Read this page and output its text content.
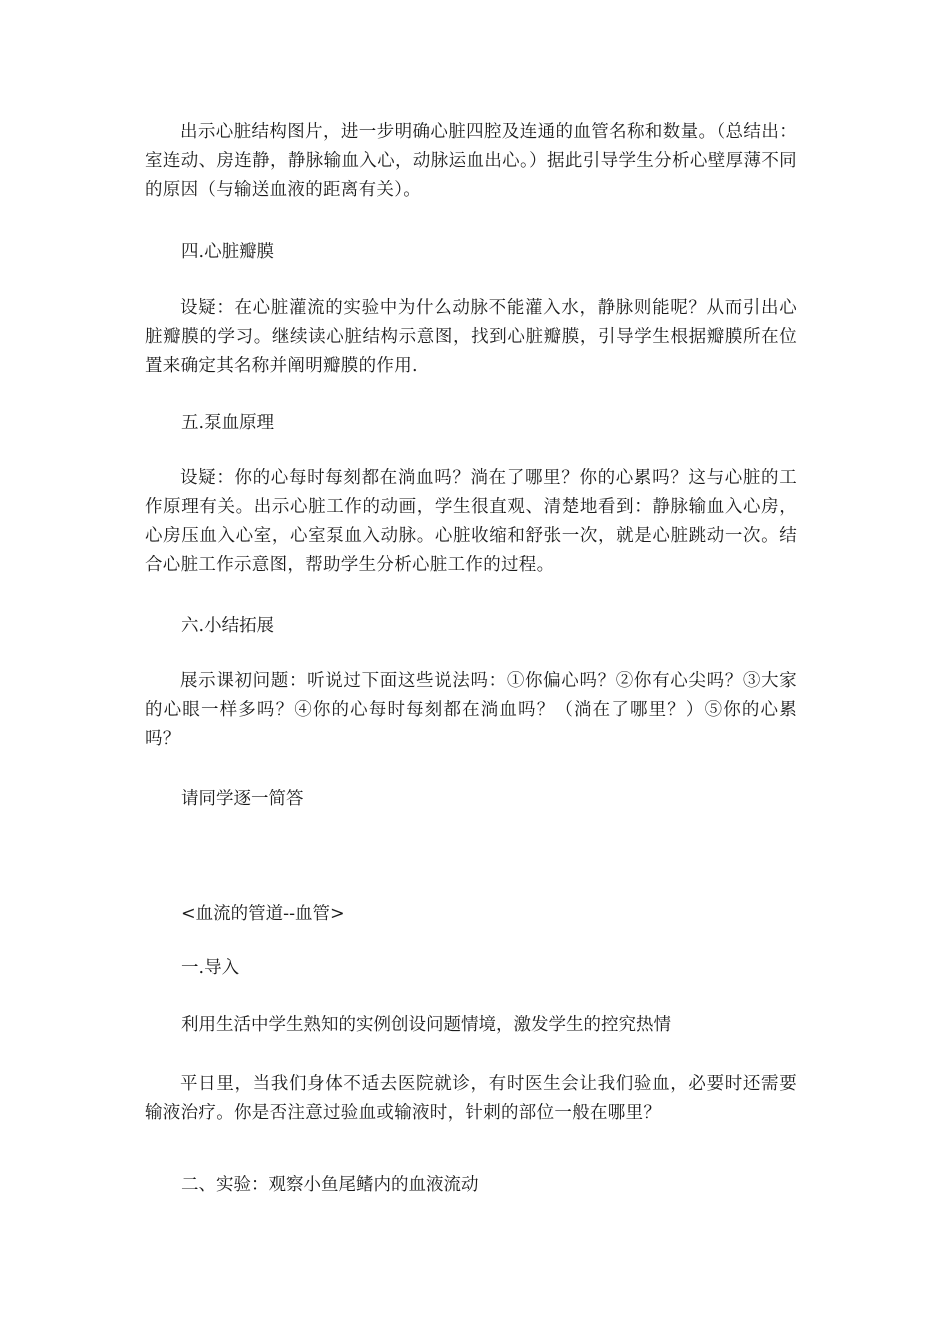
出示心脏结构图片，进一步明确心脏四腔及连通的血管名称和数量。（总结出：室连动、房连静，静脉输血入心，动脉运血出心。）据此引导学生分析心壁厚薄不同的原因（与输送血液的距离有关）。

四.心脏瓣膜

设疑：在心脏灌流的实验中为什么动脉不能灌入水，静脉则能呢？从而引出心脏瓣膜的学习。继续读心脏结构示意图，找到心脏瓣膜，引导学生根据瓣膜所在位置来确定其名称并阐明瓣膜的作用.

五.泵血原理

设疑：你的心每时每刻都在淌血吗？淌在了哪里？你的心累吗？这与心脏的工作原理有关。出示心脏工作的动画，学生很直观、清楚地看到：静脉输血入心房，心房压血入心室，心室泵血入动脉。心脏收缩和舒张一次，就是心脏跳动一次。结合心脏工作示意图，帮助学生分析心脏工作的过程。

六.小结拓展

展示课初问题：听说过下面这些说法吗：①你偏心吗？②你有心尖吗？③大家的心眼一样多吗？④你的心每时每刻都在淌血吗？（淌在了哪里？）⑤你的心累吗？

请同学逐一简答

<血流的管道--血管>

一.导入

利用生活中学生熟知的实例创设问题情境，激发学生的控究热情

平日里，当我们身体不适去医院就诊，有时医生会让我们验血，必要时还需要输液治疗。你是否注意过验血或输液时，针刺的部位一般在哪里？

二、实验：观察小鱼尾鳍内的血液流动
